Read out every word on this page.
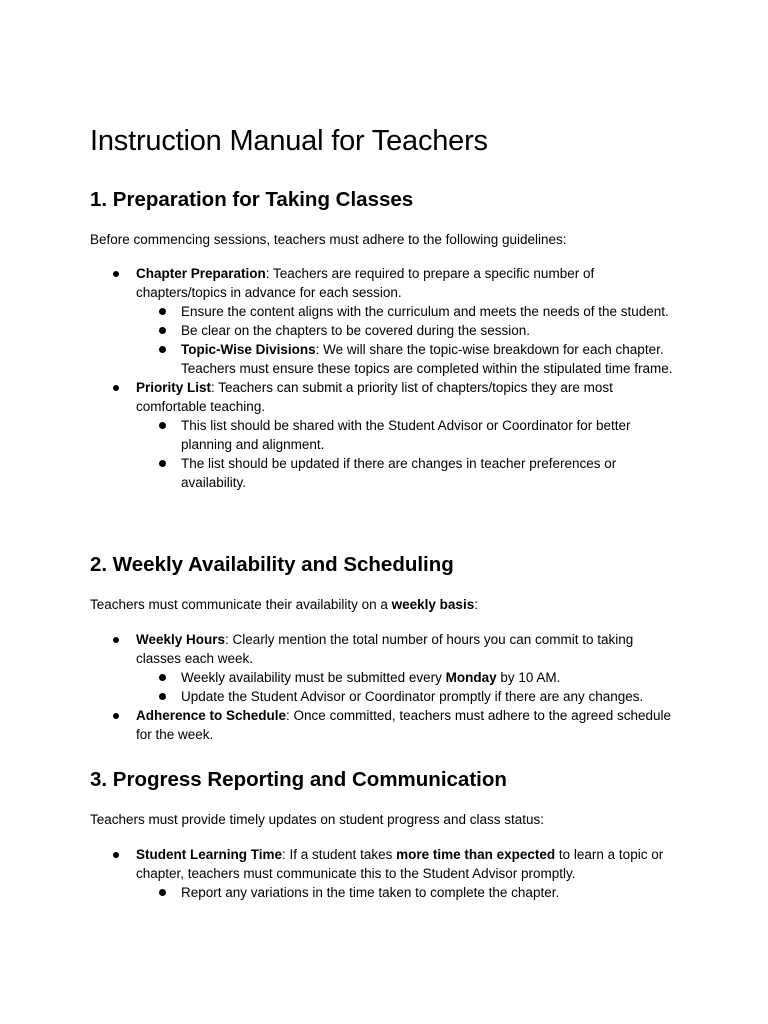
Instruction Manual for Teachers
1. Preparation for Taking Classes

Before commencing sessions, teachers must adhere to the following guidelines:

Chapter Preparation: Teachers are required to prepare a specific number of chapters/topics in advance for each session.
Ensure the content aligns with the curriculum and meets the needs of the student.
Be clear on the chapters to be covered during the session.
Topic-Wise Divisions: We will share the topic-wise breakdown for each chapter. Teachers must ensure these topics are completed within the stipulated time frame.
Priority List: Teachers can submit a priority list of chapters/topics they are most comfortable teaching.
This list should be shared with the Student Advisor or Coordinator for better planning and alignment.
The list should be updated if there are changes in teacher preferences or availability.
2. Weekly Availability and Scheduling

Teachers must communicate their availability on a weekly basis:

Weekly Hours: Clearly mention the total number of hours you can commit to taking classes each week.
Weekly availability must be submitted every Monday by 10 AM.
Update the Student Advisor or Coordinator promptly if there are any changes.
Adherence to Schedule: Once committed, teachers must adhere to the agreed schedule for the week.
3. Progress Reporting and Communication

Teachers must provide timely updates on student progress and class status:

Student Learning Time: If a student takes more time than expected to learn a topic or chapter, teachers must communicate this to the Student Advisor promptly.
Report any variations in the time taken to complete the chapter.
